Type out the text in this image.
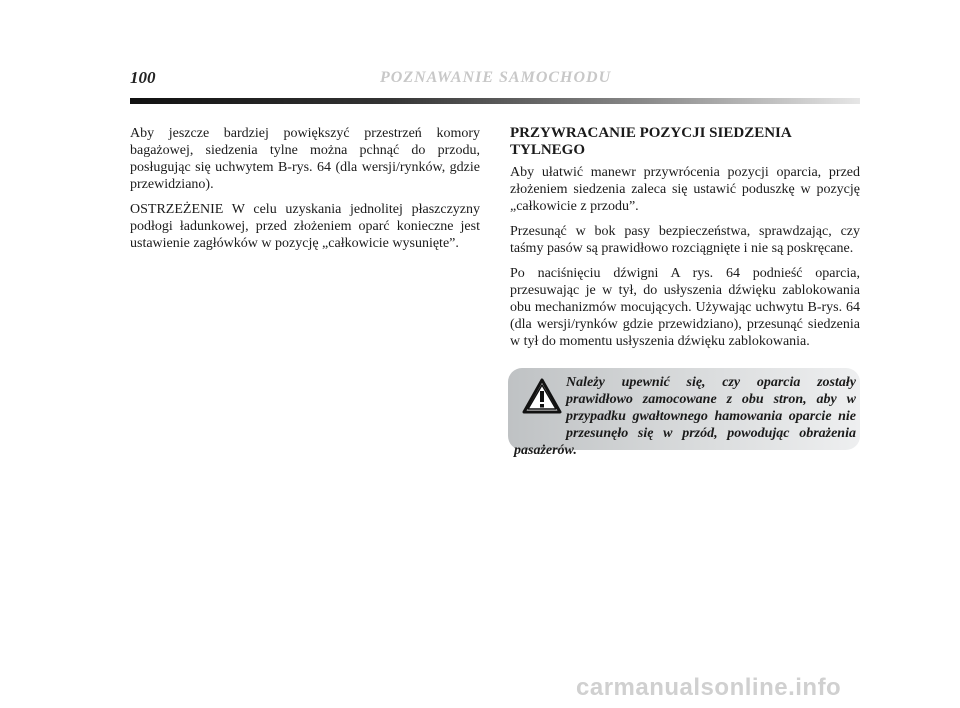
100	POZNAWANIE SAMOCHODU

Aby jeszcze bardziej powiększyć przestrzeń komory bagażowej, siedzenia tylne można pchnąć do przodu, posługując się uchwytem B-rys. 64 (dla wersji/rynków, gdzie przewidziano).

OSTRZEŻENIE W celu uzyskania jednolitej płaszczyzny podłogi ładunkowej, przed złożeniem oparć konieczne jest ustawienie zagłówków w pozycję „całkowicie wysunięte”.

PRZYWRACANIE POZYCJI SIEDZENIA TYLNEGO

Aby ułatwić manewr przywrócenia pozycji oparcia, przed złożeniem siedzenia zaleca się ustawić poduszkę w pozycję „całkowicie z przodu”.

Przesunąć w bok pasy bezpieczeństwa, sprawdzając, czy taśmy pasów są prawidłowo rozciągnięte i nie są poskręcane.

Po naciśnięciu dźwigni A rys. 64 podnieść oparcia, przesuwając je w tył, do usłyszenia dźwięku zablokowania obu mechanizmów mocujących. Używając uchwytu B-rys. 64 (dla wersji/rynków gdzie przewidziano), przesunąć siedzenia w tył do momentu usłyszenia dźwięku zablokowania.

Należy upewnić się, czy oparcia zostały prawidłowo zamocowane z obu stron, aby w przypadku gwałtownego hamowania oparcie nie przesunęło się w przód, powodując obrażenia pasażerów.
carmanualsonline.info
